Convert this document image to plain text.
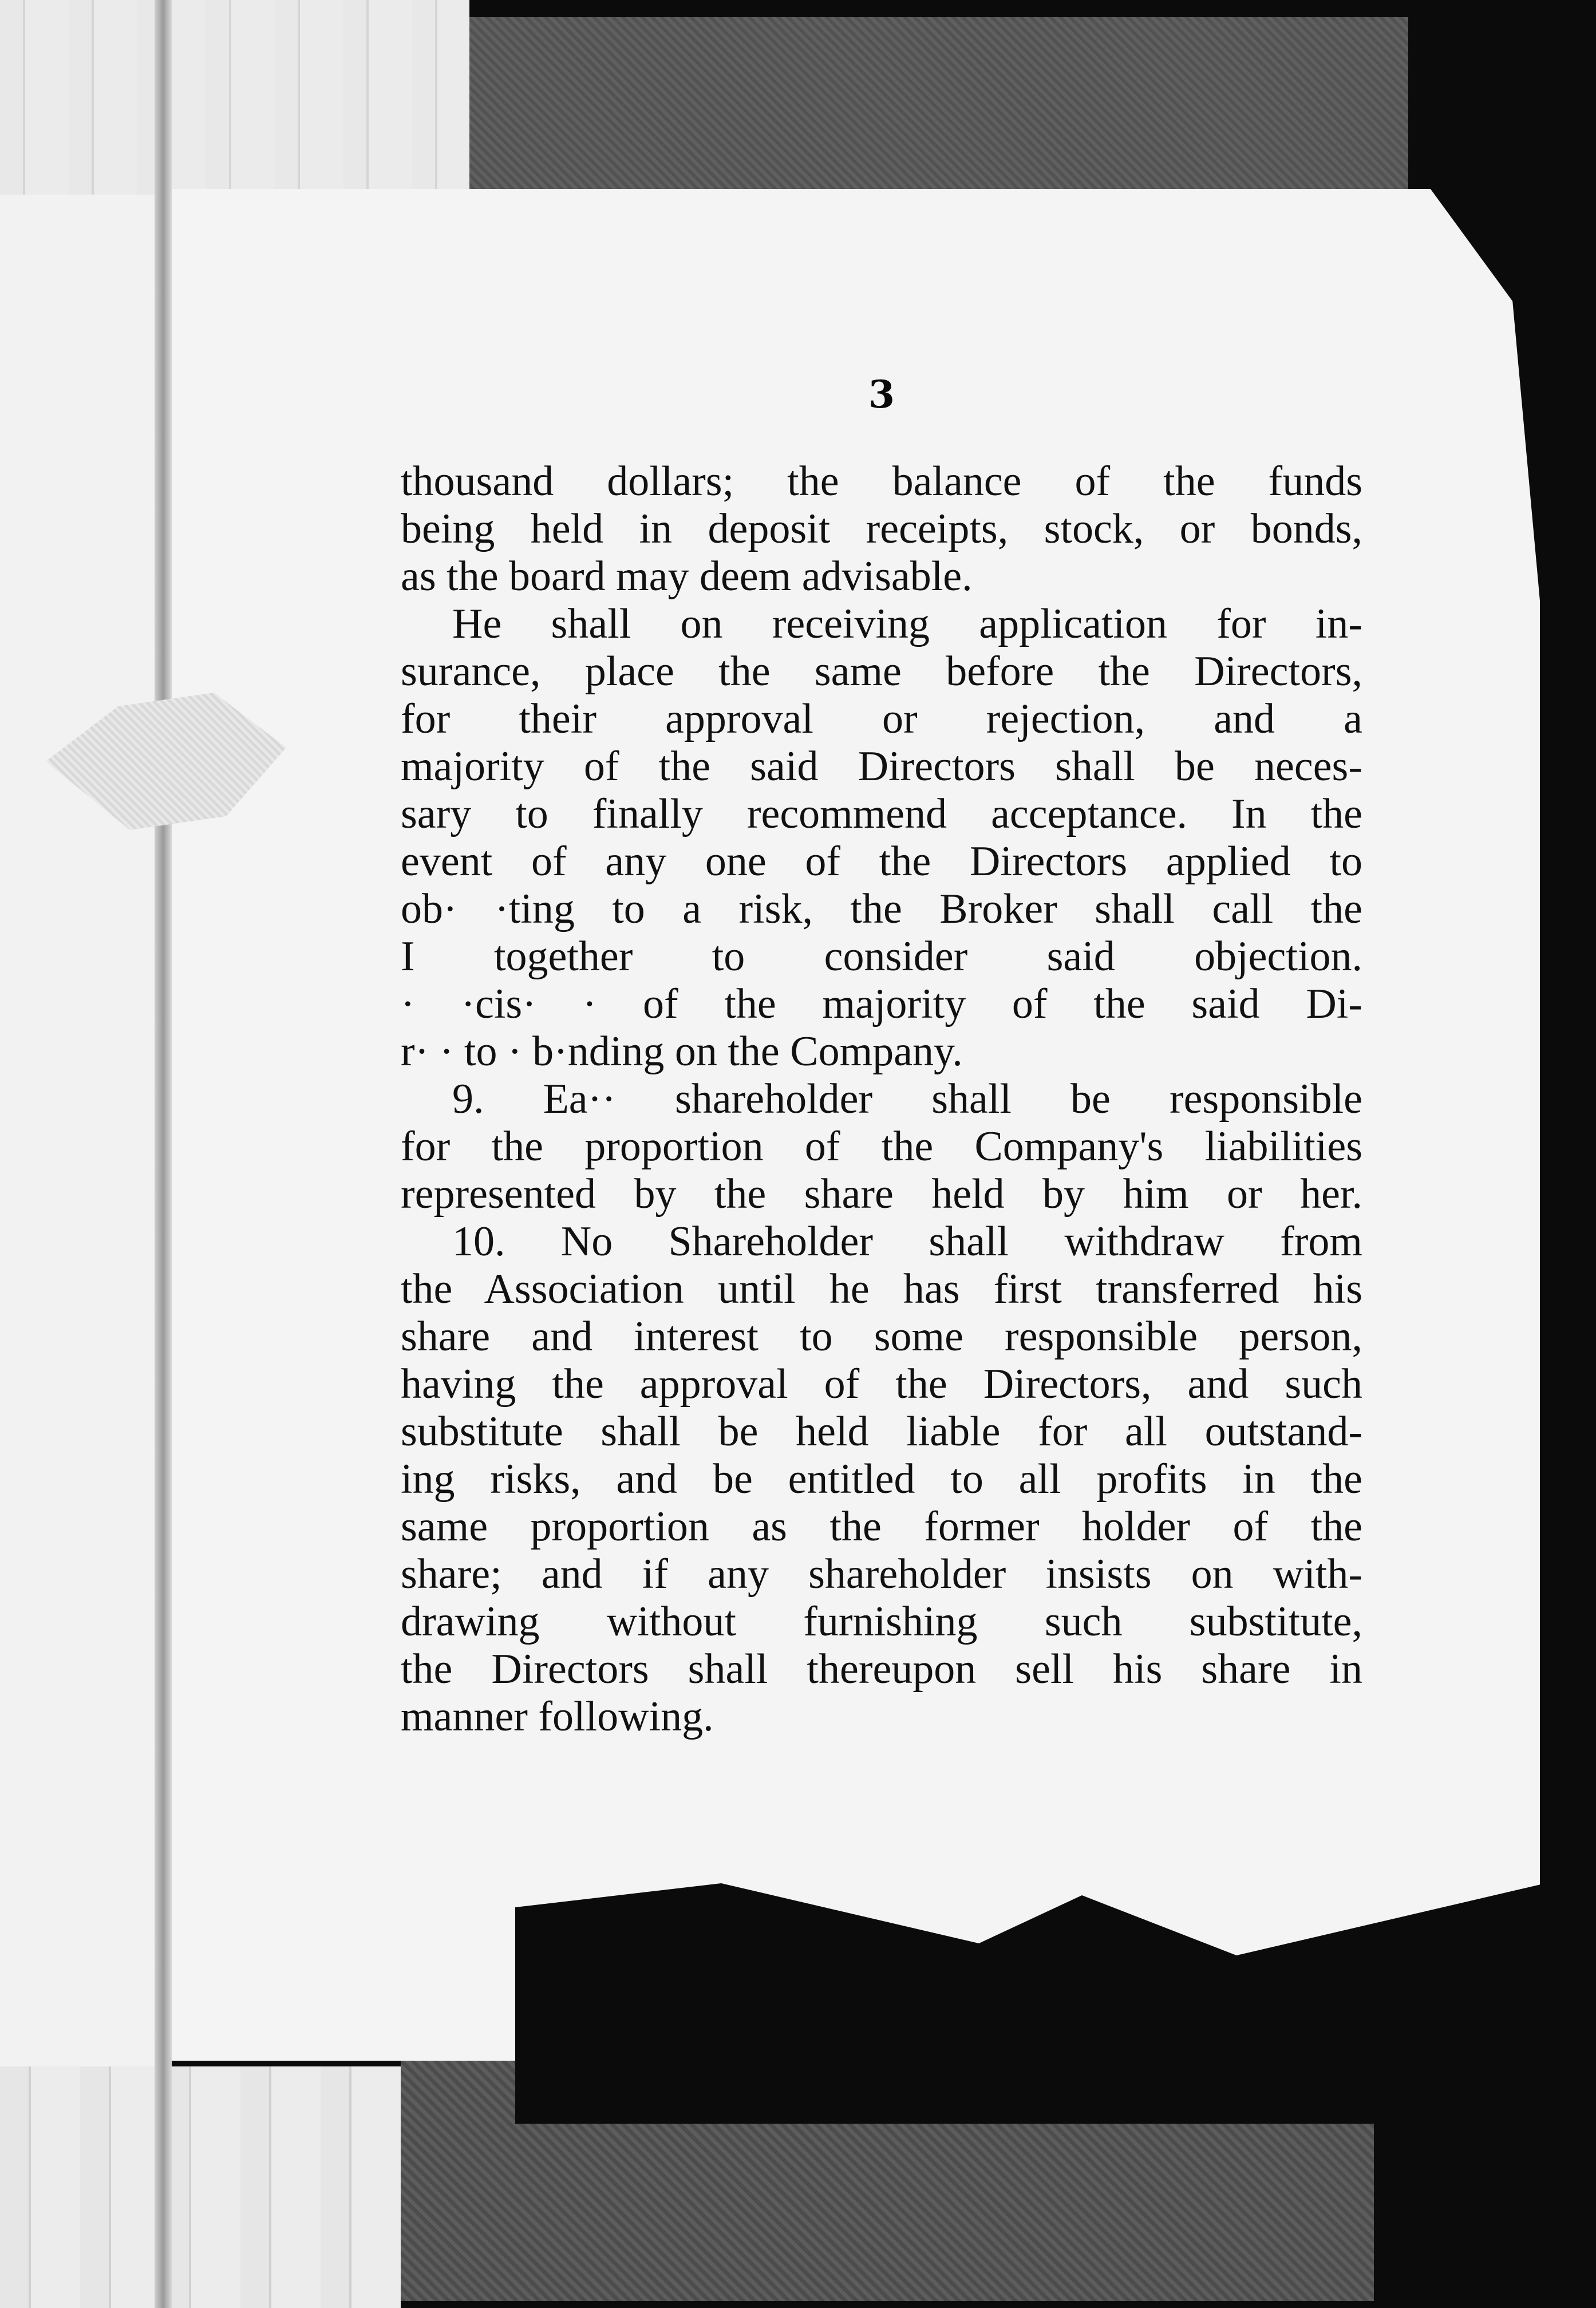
3
thousand dollars; the balance of the funds
being held in deposit receipts, stock, or bonds,
as the board may deem advisable.
He shall on receiving application for in-
surance, place the same before the Directors,
for their approval or rejection, and a
majority of the said Directors shall be neces-
sary to finally recommend acceptance. In the
event of any one of the Directors applied to
ob· ·ting to a risk, the Broker shall call the
I together to consider said objection.
· ·cis· · of the majority of the said Di-
r· · to · b·nding on the Company.
9. Ea·· shareholder shall be responsible
for the proportion of the Company's liabilities
represented by the share held by him or her.
10. No Shareholder shall withdraw from
the Association until he has first transferred his
share and interest to some responsible person,
having the approval of the Directors, and such
substitute shall be held liable for all outstand-
ing risks, and be entitled to all profits in the
same proportion as the former holder of the
share; and if any shareholder insists on with-
drawing without furnishing such substitute,
the Directors shall thereupon sell his share in
manner following.
